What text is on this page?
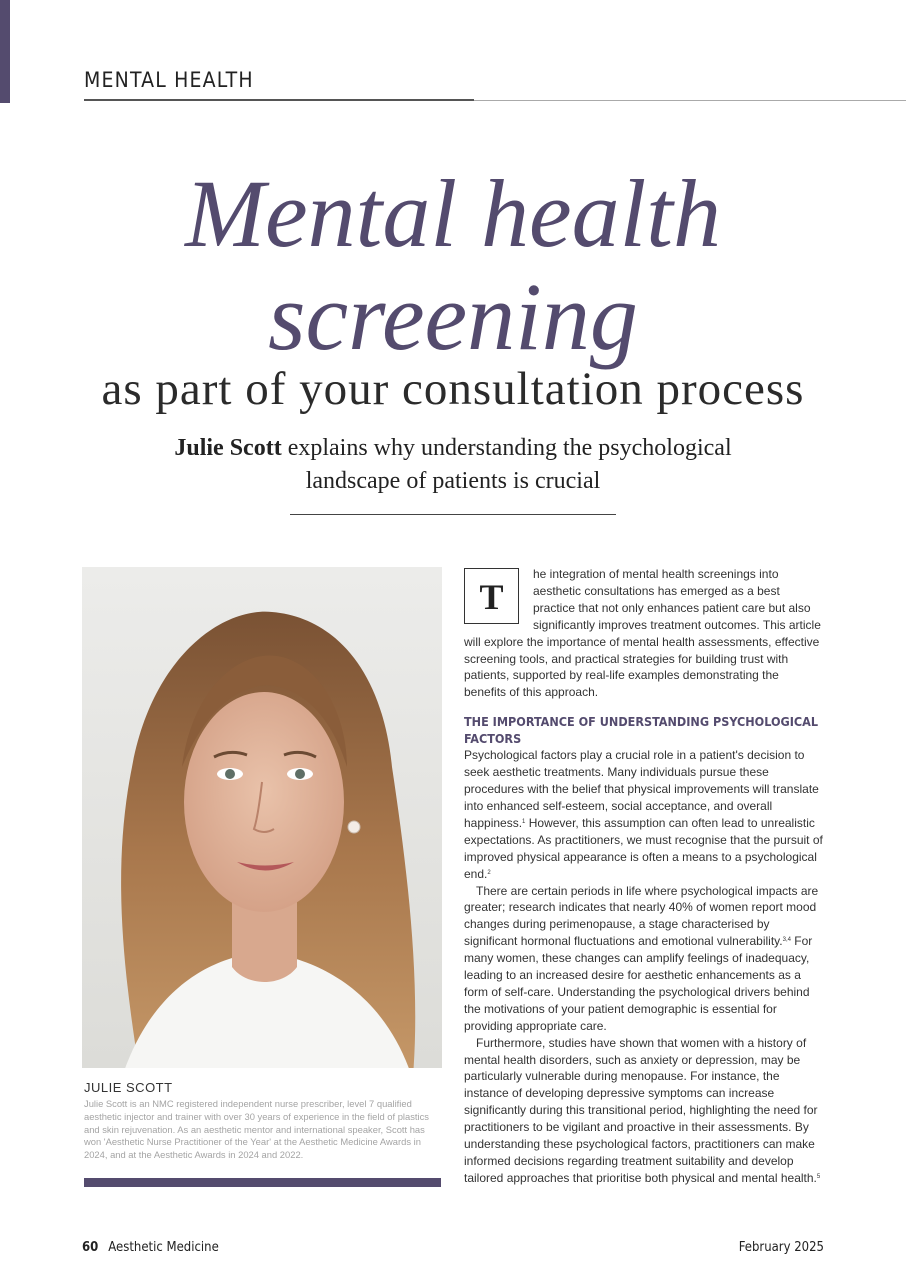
MENTAL HEALTH
Mental health
screening
as part of your consultation process
Julie Scott explains why understanding the psychological landscape of patients is crucial
JULIE SCOTT
Julie Scott is an NMC registered independent nurse prescriber, level 7 qualified aesthetic injector and trainer with over 30 years of experience in the field of plastics and skin rejuvenation. As an aesthetic mentor and international speaker, Scott has won 'Aesthetic Nurse Practitioner of the Year' at the Aesthetic Medicine Awards in 2024, and at the Aesthetic Awards in 2024 and 2022.
T

he integration of mental health screenings into aesthetic consultations has emerged as a best practice that not only enhances patient care but also significantly improves treatment outcomes. This article will explore the importance of mental health assessments, effective screening tools, and practical strategies for building trust with patients, supported by real-life examples demonstrating the benefits of this approach.

THE IMPORTANCE OF UNDERSTANDING PSYCHOLOGICAL FACTORS

Psychological factors play a crucial role in a patient's decision to seek aesthetic treatments. Many individuals pursue these procedures with the belief that physical improvements will translate into enhanced self-esteem, social acceptance, and overall happiness.$^1$ However, this assumption can often lead to unrealistic expectations. As practitioners, we must recognise that the pursuit of improved physical appearance is often a means to a psychological end.$^2$

There are certain periods in life where psychological impacts are greater; research indicates that nearly 40% of women report mood changes during perimenopause, a stage characterised by significant hormonal fluctuations and emotional vulnerability.$^{3,4}$ For many women, these changes can amplify feelings of inadequacy, leading to an increased desire for aesthetic enhancements as a form of self-care. Understanding the psychological drivers behind the motivations of your patient demographic is essential for providing appropriate care.

Furthermore, studies have shown that women with a history of mental health disorders, such as anxiety or depression, may be particularly vulnerable during menopause. For instance, the instance of developing depressive symptoms can increase significantly during this transitional period, highlighting the need for practitioners to be vigilant and proactive in their assessments. By understanding these psychological factors, practitioners can make informed decisions regarding treatment suitability and develop tailored approaches that prioritise both physical and mental health.$^5$

60 Aesthetic Medicine	February 2025
